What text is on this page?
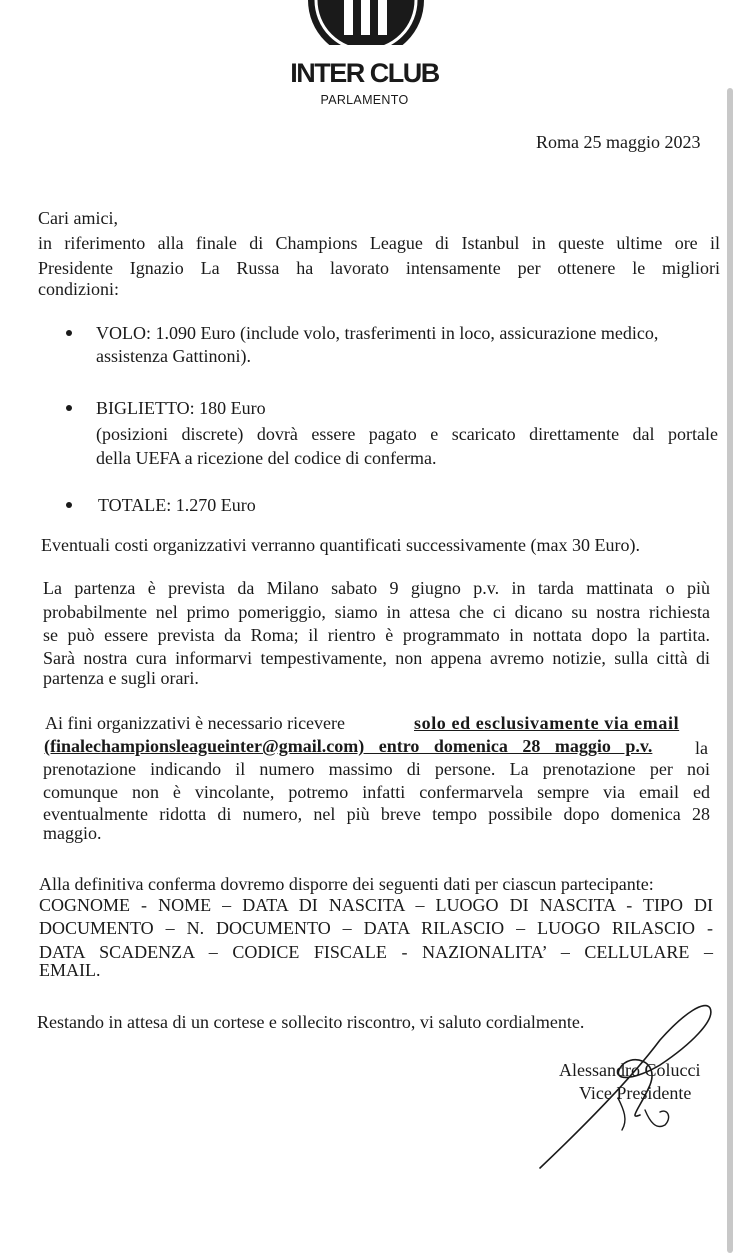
INTER CLUB
PARLAMENTO
Roma 25 maggio 2023
Cari amici,
in riferimento alla finale di Champions League di Istanbul in queste ultime ore il
Presidente Ignazio La Russa ha lavorato intensamente per ottenere le migliori
condizioni:
VOLO: 1.090 Euro (include volo, trasferimenti in loco, assicurazione medico,
assistenza Gattinoni).
BIGLIETTO: 180 Euro
(posizioni discrete) dovrà essere pagato e scaricato direttamente dal portale
della UEFA a ricezione del codice di conferma.
TOTALE: 1.270 Euro
Eventuali costi organizzativi verranno quantificati successivamente (max 30 Euro).
La partenza è prevista da Milano sabato 9 giugno p.v. in tarda mattinata o più
probabilmente nel primo pomeriggio, siamo in attesa che ci dicano su nostra richiesta
se può essere prevista da Roma; il rientro è programmato in nottata dopo la partita.
Sarà nostra cura informarvi tempestivamente, non appena avremo notizie, sulla città di
partenza e sugli orari.
Ai fini organizzativi è necessario ricevere	solo ed esclusivamente via email
(finalechampionsleagueinter@gmail.com) entro domenica 28 maggio p.v. la
prenotazione indicando il numero massimo di persone. La prenotazione per noi
comunque non è vincolante, potremo infatti confermarvela sempre via email ed
eventualmente ridotta di numero, nel più breve tempo possibile dopo domenica 28
maggio.
Alla definitiva conferma dovremo disporre dei seguenti dati per ciascun partecipante:
COGNOME - NOME – DATA DI NASCITA – LUOGO DI NASCITA - TIPO DI
DOCUMENTO – N. DOCUMENTO – DATA RILASCIO – LUOGO RILASCIO -
DATA SCADENZA – CODICE FISCALE - NAZIONALITA’ – CELLULARE –
EMAIL.
Restando in attesa di un cortese e sollecito riscontro, vi saluto cordialmente.
Alessandro Colucci
Vice Presidente
